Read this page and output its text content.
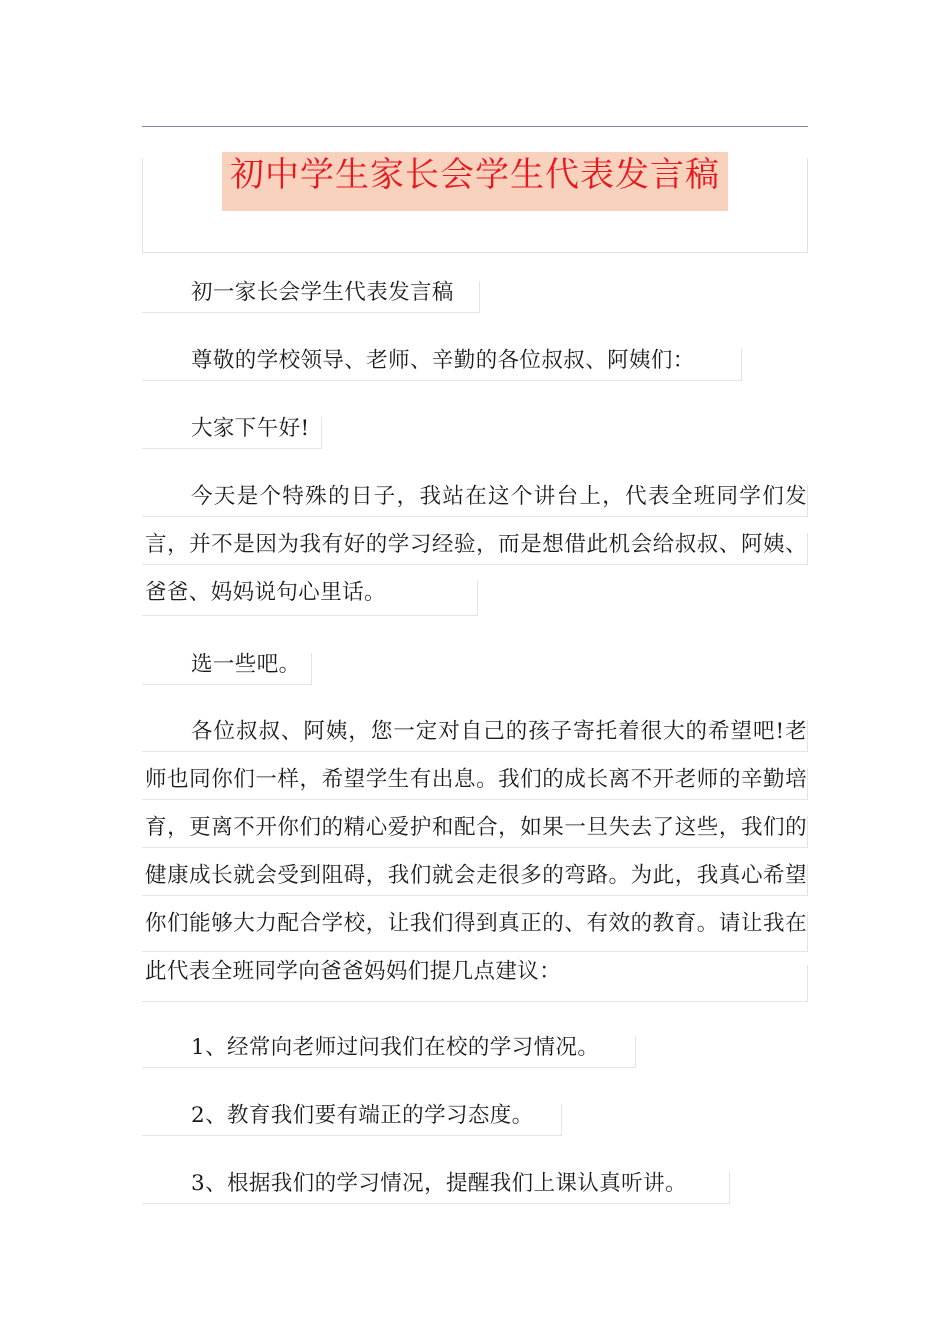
初中学生家长会学生代表发言稿

初一家长会学生代表发言稿

尊敬的学校领导、老师、辛勤的各位叔叔、阿姨们：

大家下午好!

今天是个特殊的日子，我站在这个讲台上，代表全班同学们发言，并不是因为我有好的学习经验，而是想借此机会给叔叔、阿姨、爸爸、妈妈说句心里话。

选一些吧。

各位叔叔、阿姨，您一定对自己的孩子寄托着很大的希望吧!老师也同你们一样，希望学生有出息。我们的成长离不开老师的辛勤培育，更离不开你们的精心爱护和配合，如果一旦失去了这些，我们的健康成长就会受到阻碍，我们就会走很多的弯路。为此，我真心希望你们能够大力配合学校，让我们得到真正的、有效的教育。请让我在此代表全班同学向爸爸妈妈们提几点建议：

1、经常向老师过问我们在校的学习情况。

2、教育我们要有端正的学习态度。

3、根据我们的学习情况，提醒我们上课认真听讲。
